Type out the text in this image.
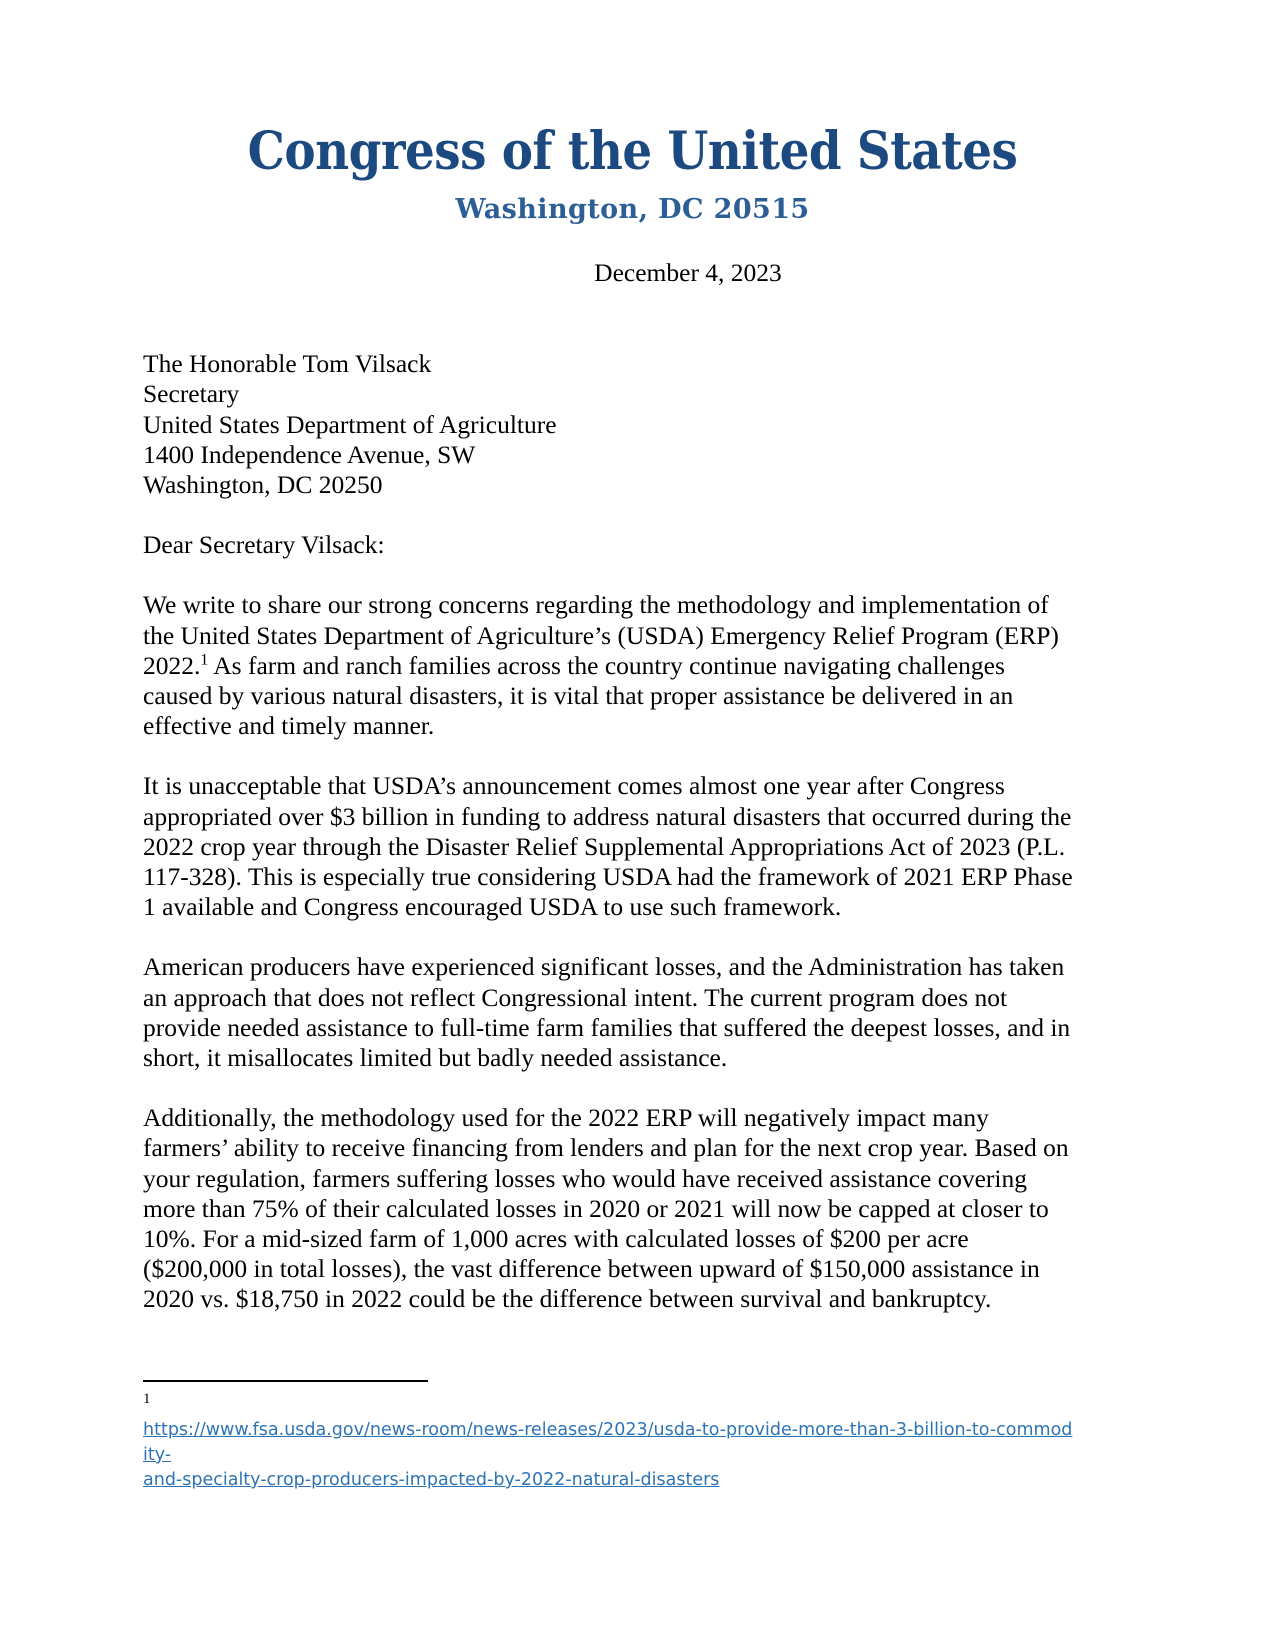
Congress of the United States
Washington, DC 20515
December 4, 2023
The Honorable Tom Vilsack
Secretary
United States Department of Agriculture
1400 Independence Avenue, SW
Washington, DC 20250
Dear Secretary Vilsack:

We write to share our strong concerns regarding the methodology and implementation of the United States Department of Agriculture’s (USDA) Emergency Relief Program (ERP) 2022.$^1$ As farm and ranch families across the country continue navigating challenges caused by various natural disasters, it is vital that proper assistance be delivered in an effective and timely manner.

It is unacceptable that USDA’s announcement comes almost one year after Congress appropriated over $3 billion in funding to address natural disasters that occurred during the 2022 crop year through the Disaster Relief Supplemental Appropriations Act of 2023 (P.L. 117-328). This is especially true considering USDA had the framework of 2021 ERP Phase 1 available and Congress encouraged USDA to use such framework.

American producers have experienced significant losses, and the Administration has taken an approach that does not reflect Congressional intent. The current program does not provide needed assistance to full-time farm families that suffered the deepest losses, and in short, it misallocates limited but badly needed assistance.

Additionally, the methodology used for the 2022 ERP will negatively impact many farmers’ ability to receive financing from lenders and plan for the next crop year. Based on your regulation, farmers suffering losses who would have received assistance covering more than 75% of their calculated losses in 2020 or 2021 will now be capped at closer to 10%. For a mid-sized farm of 1,000 acres with calculated losses of $200 per acre ($200,000 in total losses), the vast difference between upward of $150,000 assistance in 2020 vs. $18,750 in 2022 could be the difference between survival and bankruptcy.

1
https://www.fsa.usda.gov/news-room/news-releases/2023/usda-to-provide-more-than-3-billion-to-commodity-
and-specialty-crop-producers-impacted-by-2022-natural-disasters
